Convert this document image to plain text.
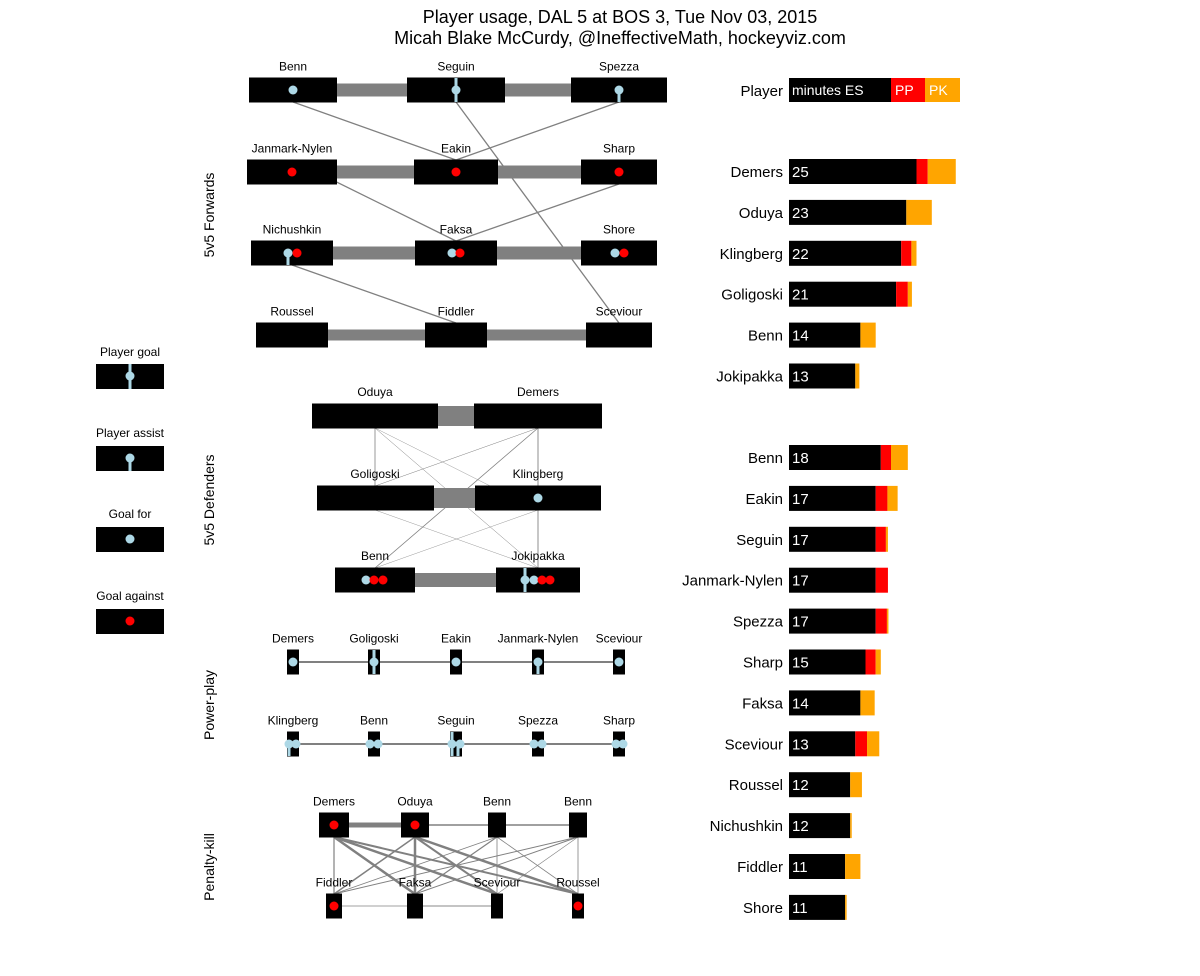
Player usage, DAL 5 at BOS 3, Tue Nov 03, 2015
Micah Blake McCurdy, @IneffectiveMath, hockeyviz.com
5v5 Forwards
5v5 Defenders
Power-play
Penalty-kill
Player goal
Player assist
Goal for
Goal against
Player minutes ES PP PK
Benn	Seguin	Spezza
Janmark-Nylen	Eakin	Sharp
Nichushkin	Faksa	Shore
Roussel	Fiddler	Sceviour
Oduya	Demers
Goligoski	Klingberg
Benn	Jokipakka
Demers	Goligoski	Eakin Janmark-Nylen Sceviour
Klingberg	Benn	Seguin	Spezza	Sharp
Demers	Oduya	Benn	Benn
Fiddler	Faksa	Sceviour	Roussel
Demers 25
Oduya 23
Klingberg 22
Goligoski 21
Benn 14
Jokipakka 13
Benn 18
Eakin 17
Seguin 17
Janmark-Nylen 17
Spezza 17
Sharp 15
Faksa 14
Sceviour 13
Roussel 12
Nichushkin 12
Fiddler 11
Shore 11
